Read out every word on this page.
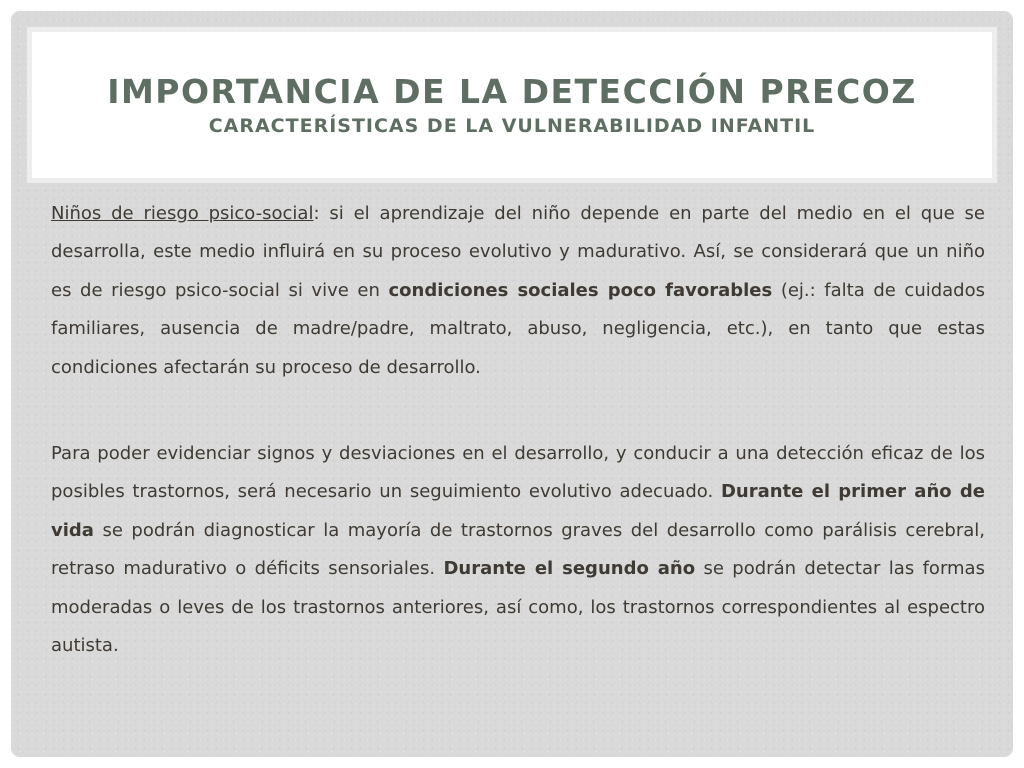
IMPORTANCIA DE LA DETECCIÓN PRECOZ
CARACTERÍSTICAS DE LA VULNERABILIDAD INFANTIL

Niños de riesgo psico-social: si el aprendizaje del niño depende en parte del medio en el que se desarrolla, este medio influirá en su proceso evolutivo y madurativo. Así, se considerará que un niño es de riesgo psico-social si vive en condiciones sociales poco favorables (ej.: falta de cuidados familiares, ausencia de madre/padre, maltrato, abuso, negligencia, etc.), en tanto que estas condiciones afectarán su proceso de desarrollo.

Para poder evidenciar signos y desviaciones en el desarrollo, y conducir a una detección eficaz de los posibles trastornos, será necesario un seguimiento evolutivo adecuado. Durante el primer año de vida se podrán diagnosticar la mayoría de trastornos graves del desarrollo como parálisis cerebral, retraso madurativo o déficits sensoriales. Durante el segundo año se podrán detectar las formas moderadas o leves de los trastornos anteriores, así como, los trastornos correspondientes al espectro autista.
